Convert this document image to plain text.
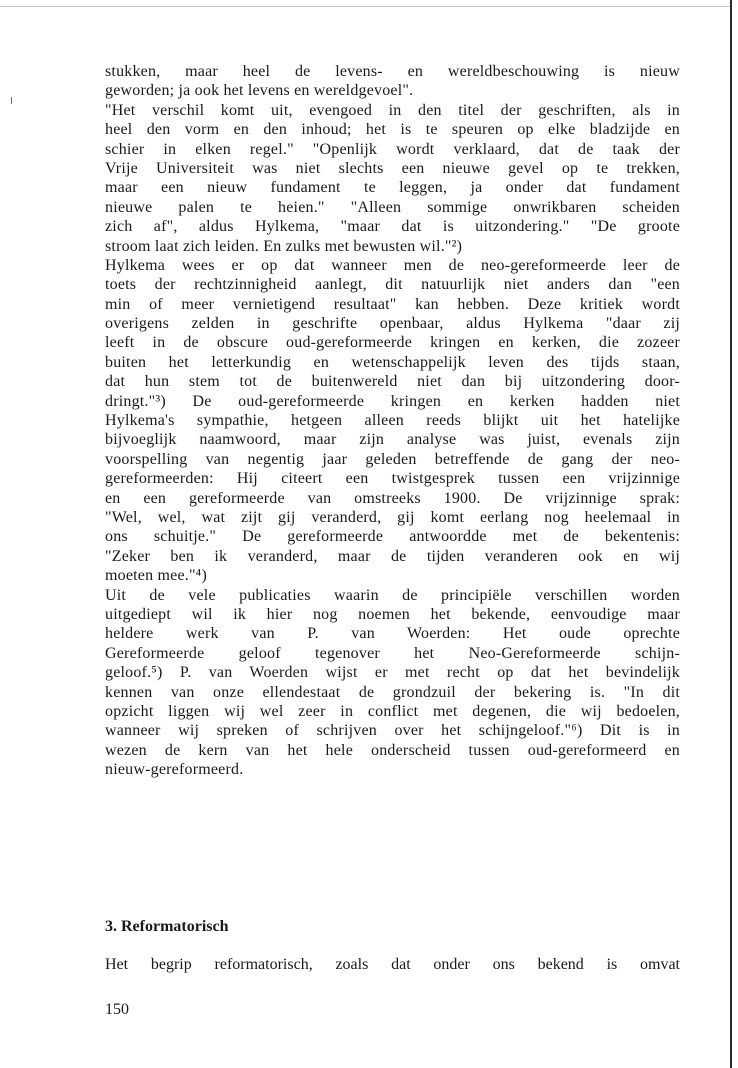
stukken, maar heel de levens- en wereldbeschouwing is nieuw
geworden; ja ook het levens en wereldgevoel".
"Het verschil komt uit, evengoed in den titel der geschriften, als in
heel den vorm en den inhoud; het is te speuren op elke bladzijde en
schier in elken regel." "Openlijk wordt verklaard, dat de taak der
Vrije Universiteit was niet slechts een nieuwe gevel op te trekken,
maar een nieuw fundament te leggen, ja onder dat fundament
nieuwe palen te heien." "Alleen sommige onwrikbaren scheiden
zich af", aldus Hylkema, "maar dat is uitzondering." "De groote
stroom laat zich leiden. En zulks met bewusten wil."²)
Hylkema wees er op dat wanneer men de neo-gereformeerde leer de
toets der rechtzinnigheid aanlegt, dit natuurlijk niet anders dan "een
min of meer vernietigend resultaat" kan hebben. Deze kritiek wordt
overigens zelden in geschrifte openbaar, aldus Hylkema "daar zij
leeft in de obscure oud-gereformeerde kringen en kerken, die zozeer
buiten het letterkundig en wetenschappelijk leven des tijds staan,
dat hun stem tot de buitenwereld niet dan bij uitzondering door-
dringt."³) De oud-gereformeerde kringen en kerken hadden niet
Hylkema's sympathie, hetgeen alleen reeds blijkt uit het hatelijke
bijvoeglijk naamwoord, maar zijn analyse was juist, evenals zijn
voorspelling van negentig jaar geleden betreffende de gang der neo-
gereformeerden: Hij citeert een twistgesprek tussen een vrijzinnige
en een gereformeerde van omstreeks 1900. De vrijzinnige sprak:
"Wel, wel, wat zijt gij veranderd, gij komt eerlang nog heelemaal in
ons schuitje." De gereformeerde antwoordde met de bekentenis:
"Zeker ben ik veranderd, maar de tijden veranderen ook en wij
moeten mee."⁴)
Uit de vele publicaties waarin de principiële verschillen worden
uitgediept wil ik hier nog noemen het bekende, eenvoudige maar
heldere werk van P. van Woerden: Het oude oprechte
Gereformeerde geloof tegenover het Neo-Gereformeerde schijn-
geloof.⁵) P. van Woerden wijst er met recht op dat het bevindelijk
kennen van onze ellendestaat de grondzuil der bekering is. "In dit
opzicht liggen wij wel zeer in conflict met degenen, die wij bedoelen,
wanneer wij spreken of schrijven over het schijngeloof."⁶) Dit is in
wezen de kern van het hele onderscheid tussen oud-gereformeerd en
nieuw-gereformeerd.
3. Reformatorisch
Het begrip reformatorisch, zoals dat onder ons bekend is omvat
150
